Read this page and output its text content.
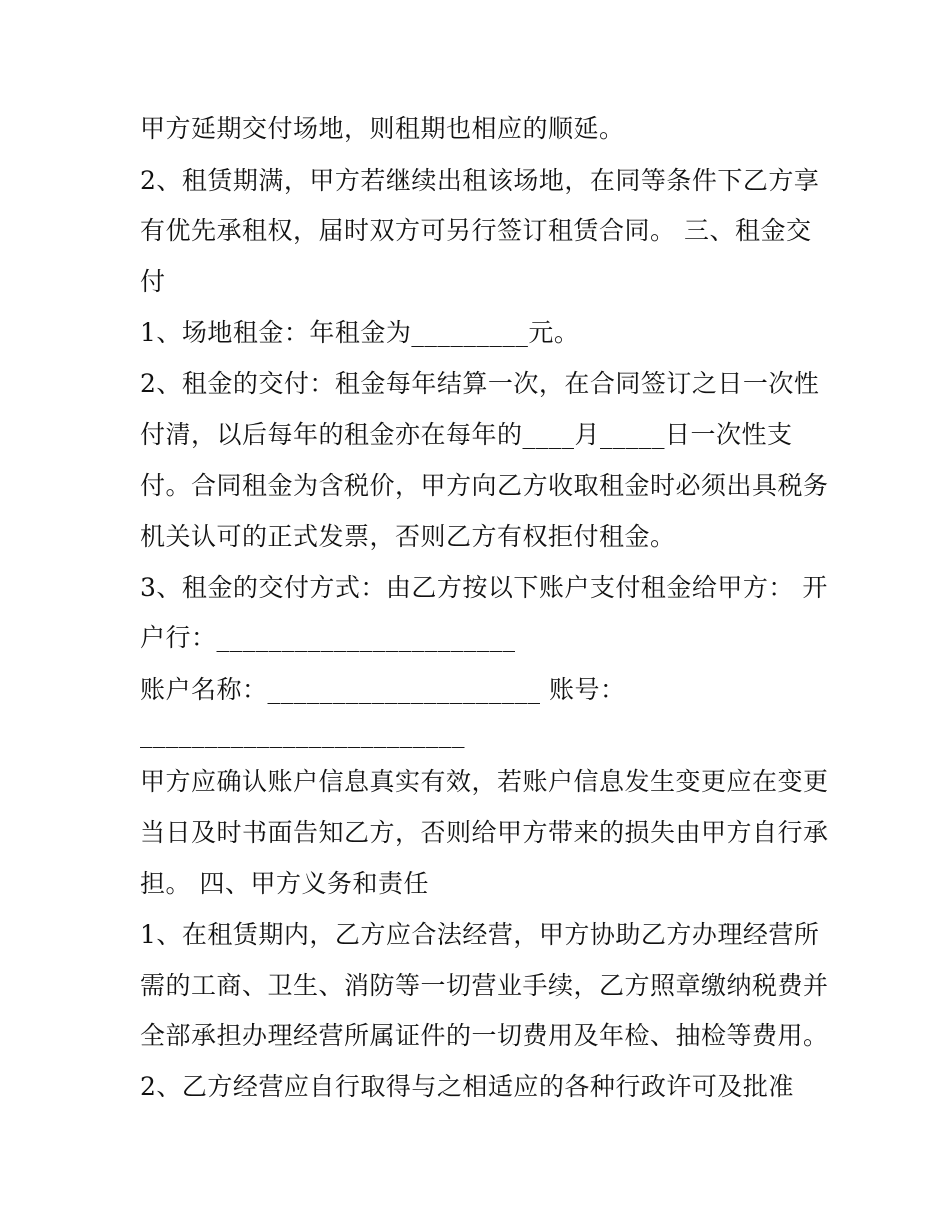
甲方延期交付场地，则租期也相应的顺延。
2、租赁期满，甲方若继续出租该场地，在同等条件下乙方享
有优先承租权，届时双方可另行签订租赁合同。 三、租金交
付
1、场地租金：年租金为_________元。
2、租金的交付：租金每年结算一次，在合同签订之日一次性
付清，以后每年的租金亦在每年的____月_____日一次性支
付。合同租金为含税价，甲方向乙方收取租金时必须出具税务
机关认可的正式发票，否则乙方有权拒付租金。
3、租金的交付方式：由乙方按以下账户支付租金给甲方： 开
户行：_______________________
账户名称：_____________________ 账号：
_________________________
甲方应确认账户信息真实有效，若账户信息发生变更应在变更
当日及时书面告知乙方，否则给甲方带来的损失由甲方自行承
担。 四、甲方义务和责任
1、在租赁期内，乙方应合法经营，甲方协助乙方办理经营所
需的工商、卫生、消防等一切营业手续，乙方照章缴纳税费并
全部承担办理经营所属证件的一切费用及年检、抽检等费用。
2、乙方经营应自行取得与之相适应的各种行政许可及批准
